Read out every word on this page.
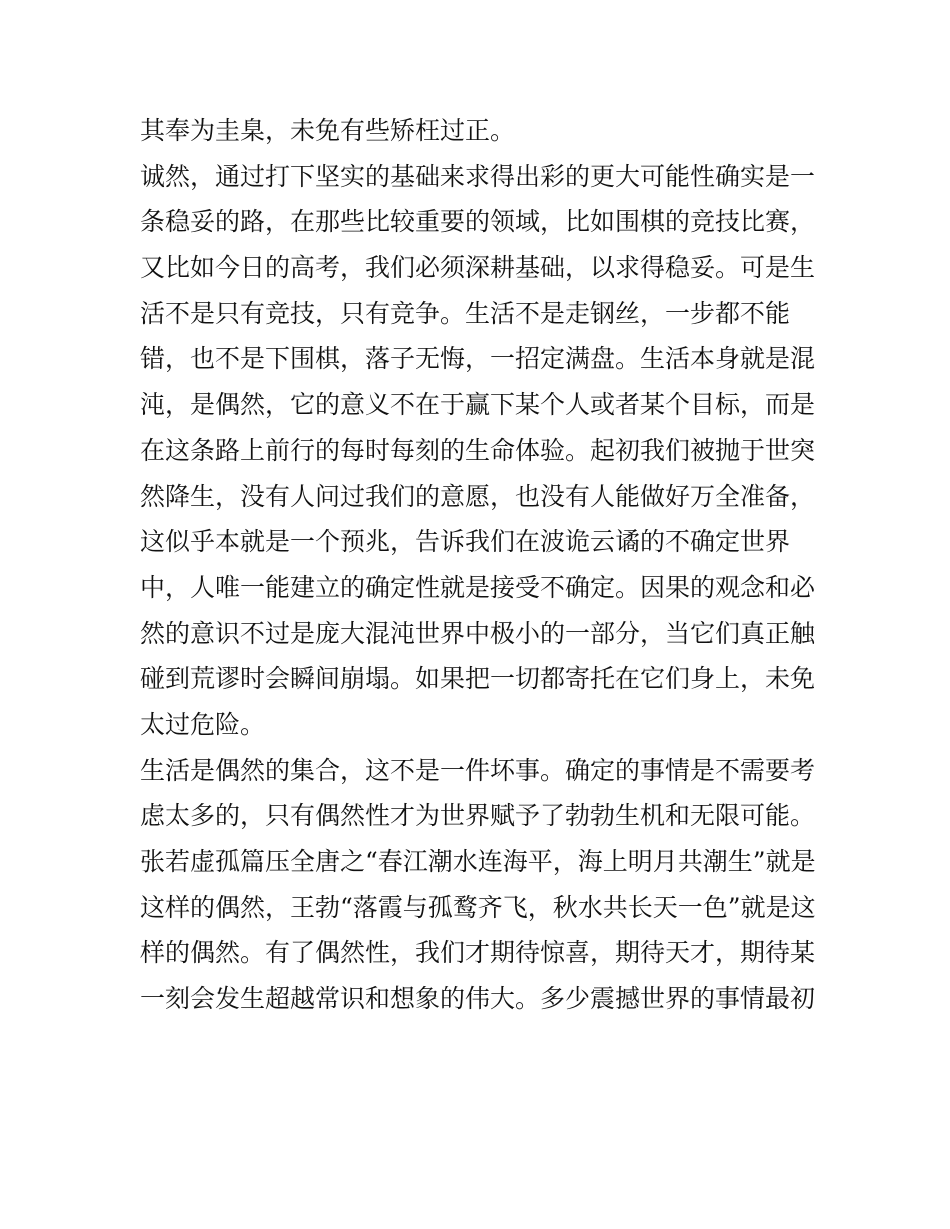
其奉为圭臬，未免有些矫枉过正。
诚然，通过打下坚实的基础来求得出彩的更大可能性确实是一
条稳妥的路，在那些比较重要的领域，比如围棋的竞技比赛，
又比如今日的高考，我们必须深耕基础，以求得稳妥。可是生
活不是只有竞技，只有竞争。生活不是走钢丝，一步都不能
错，也不是下围棋，落子无悔，一招定满盘。生活本身就是混
沌，是偶然，它的意义不在于赢下某个人或者某个目标，而是
在这条路上前行的每时每刻的生命体验。起初我们被抛于世突
然降生，没有人问过我们的意愿，也没有人能做好万全准备，
这似乎本就是一个预兆，告诉我们在波诡云谲的不确定世界
中，人唯一能建立的确定性就是接受不确定。因果的观念和必
然的意识不过是庞大混沌世界中极小的一部分，当它们真正触
碰到荒谬时会瞬间崩塌。如果把一切都寄托在它们身上，未免
太过危险。
生活是偶然的集合，这不是一件坏事。确定的事情是不需要考
虑太多的，只有偶然性才为世界赋予了勃勃生机和无限可能。
张若虚孤篇压全唐之“春江潮水连海平，海上明月共潮生”就是
这样的偶然，王勃“落霞与孤鹜齐飞，秋水共长天一色”就是这
样的偶然。有了偶然性，我们才期待惊喜，期待天才，期待某
一刻会发生超越常识和想象的伟大。多少震撼世界的事情最初
